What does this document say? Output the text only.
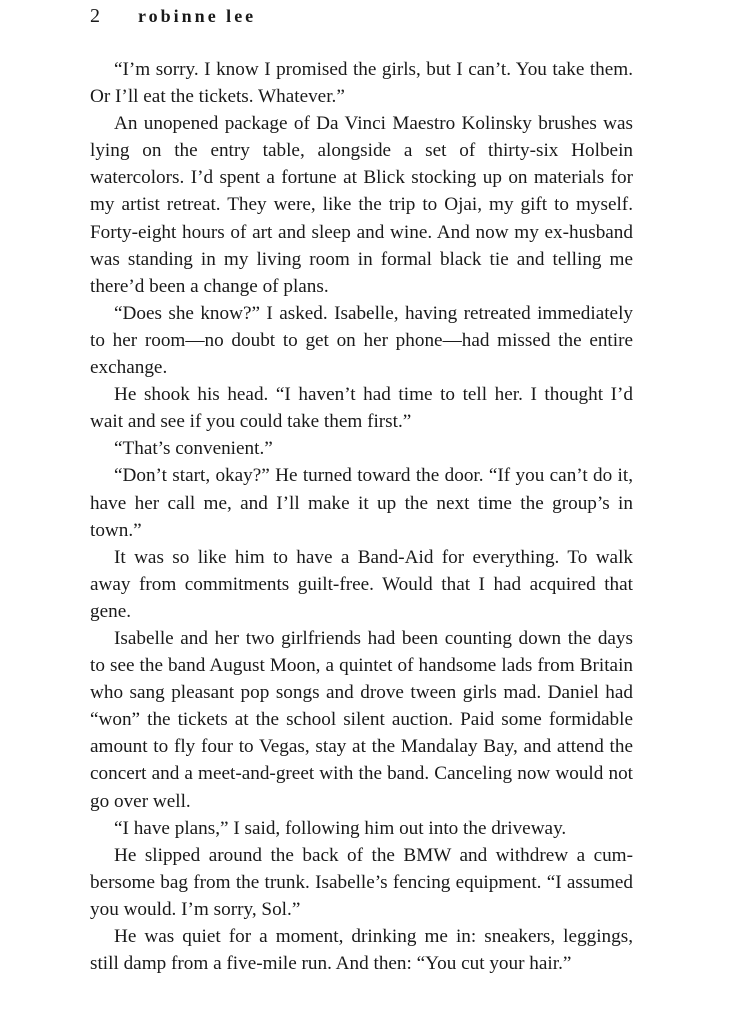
2 robinne lee

“I’m sorry. I know I promised the girls, but I can’t. You take them. Or I’ll eat the tickets. Whatever.”

An unopened package of Da Vinci Maestro Kolinsky brushes was lying on the entry table, alongside a set of thirty-six Holbein watercolors. I’d spent a fortune at Blick stocking up on materials for my artist retreat. They were, like the trip to Ojai, my gift to myself. Forty-eight hours of art and sleep and wine. And now my ex-husband was standing in my living room in formal black tie and telling me there’d been a change of plans.

“Does she know?” I asked. Isabelle, having retreated immediately to her room—no doubt to get on her phone—had missed the entire exchange.

He shook his head. “I haven’t had time to tell her. I thought I’d wait and see if you could take them first.”

“That’s convenient.”

“Don’t start, okay?” He turned toward the door. “If you can’t do it, have her call me, and I’ll make it up the next time the group’s in town.”

It was so like him to have a Band-Aid for everything. To walk away from commitments guilt-free. Would that I had acquired that gene.

Isabelle and her two girlfriends had been counting down the days to see the band August Moon, a quintet of handsome lads from Britain who sang pleasant pop songs and drove tween girls mad. Daniel had “won” the tickets at the school silent auction. Paid some formidable amount to fly four to Vegas, stay at the Mandalay Bay, and attend the concert and a meet-and-greet with the band. Canceling now would not go over well.

“I have plans,” I said, following him out into the driveway.

He slipped around the back of the BMW and withdrew a cumbersome bag from the trunk. Isabelle’s fencing equipment. “I assumed you would. I’m sorry, Sol.”

He was quiet for a moment, drinking me in: sneakers, leggings, still damp from a five-mile run. And then: “You cut your hair.”
